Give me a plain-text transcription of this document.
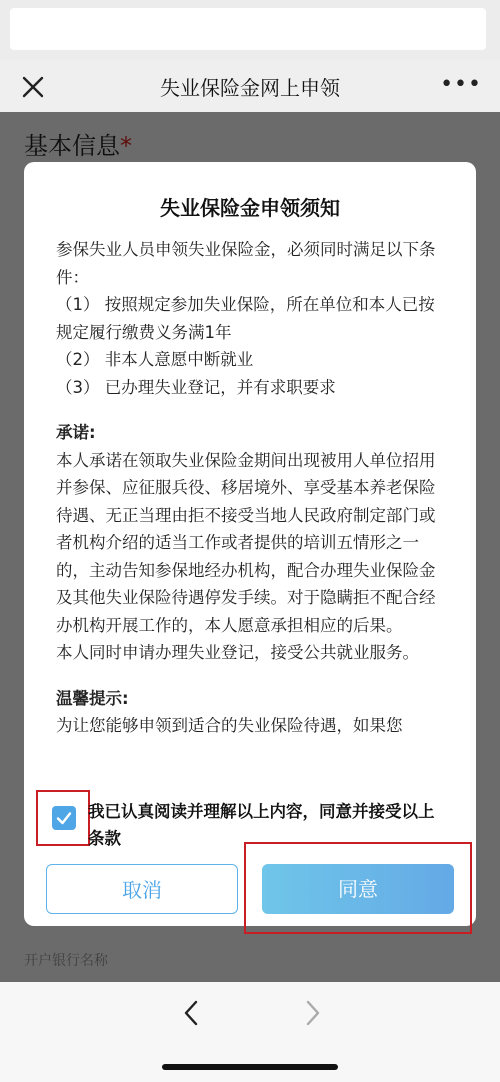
失业保险金网上申领	•••
失业保险金申领须知

参保失业人员申领失业保险金，必须同时满足以下条件：

（1） 按照规定参加失业保险，所在单位和本人已按规定履行缴费义务满1年

（2） 非本人意愿中断就业

（3） 已办理失业登记，并有求职要求

承诺:

本人承诺在领取失业保险金期间出现被用人单位招用并参保、应征服兵役、移居境外、享受基本养老保险待遇、无正当理由拒不接受当地人民政府制定部门或者机构介绍的适当工作或者提供的培训五情形之一的，主动告知参保地经办机构，配合办理失业保险金及其他失业保险待遇停发手续。对于隐瞒拒不配合经办机构开展工作的，本人愿意承担相应的后果。

本人同时申请办理失业登记，接受公共就业服务。

温馨提示:

为让您能够申领到适合的失业保险待遇，如果您

我已认真阅读并理解以上内容，同意并接受以上条款
取消	同意
